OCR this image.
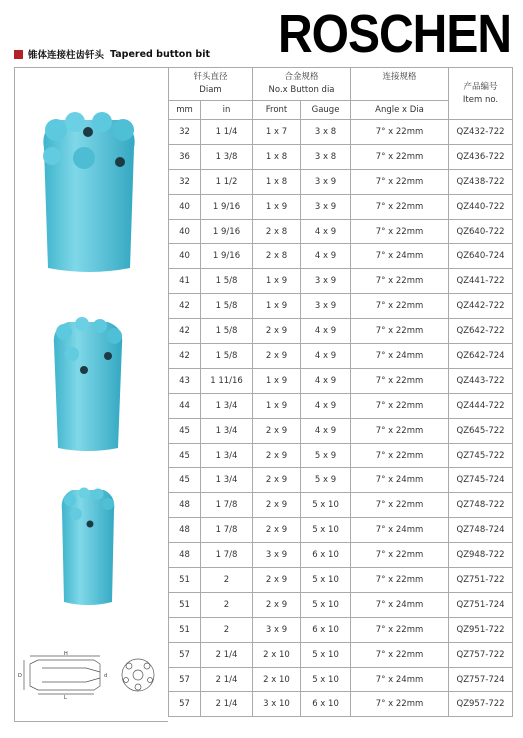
ROSCHEN
锥体连接柱齿钎头 Tapered button bit
H
L
D	d
钎头直径
Diam		合金规格
No.x Button dia		连接规格	产品编号
Item no.
mm	in	Front	Gauge	Angle x Dia	
32	1 1/4	1 x 7	3 x 8	7° x 22mm	QZ432-722
36	1 3/8	1 x 8	3 x 8	7° x 22mm	QZ436-722
32	1 1/2	1 x 8	3 x 9	7° x 22mm	QZ438-722
40	1 9/16	1 x 9	3 x 9	7° x 22mm	QZ440-722
40	1 9/16	2 x 8	4 x 9	7° x 22mm	QZ640-722
40	1 9/16	2 x 8	4 x 9	7° x 24mm	QZ640-724
41	1 5/8	1 x 9	3 x 9	7° x 22mm	QZ441-722
42	1 5/8	1 x 9	3 x 9	7° x 22mm	QZ442-722
42	1 5/8	2 x 9	4 x 9	7° x 22mm	QZ642-722
42	1 5/8	2 x 9	4 x 9	7° x 24mm	QZ642-724
43	1 11/16	1 x 9	4 x 9	7° x 22mm	QZ443-722
44	1 3/4	1 x 9	4 x 9	7° x 22mm	QZ444-722
45	1 3/4	2 x 9	4 x 9	7° x 22mm	QZ645-722
45	1 3/4	2 x 9	5 x 9	7° x 22mm	QZ745-722
45	1 3/4	2 x 9	5 x 9	7° x 24mm	QZ745-724
48	1 7/8	2 x 9	5 x 10	7° x 22mm	QZ748-722
48	1 7/8	2 x 9	5 x 10	7° x 24mm	QZ748-724
48	1 7/8	3 x 9	6 x 10	7° x 22mm	QZ948-722
51	2	2 x 9	5 x 10	7° x 22mm	QZ751-722
51	2	2 x 9	5 x 10	7° x 24mm	QZ751-724
51	2	3 x 9	6 x 10	7° x 22mm	QZ951-722
57	2 1/4	2 x 10	5 x 10	7° x 22mm	QZ757-722
57	2 1/4	2 x 10	5 x 10	7° x 24mm	QZ757-724
57	2 1/4	3 x 10	6 x 10	7° x 22mm	QZ957-722
